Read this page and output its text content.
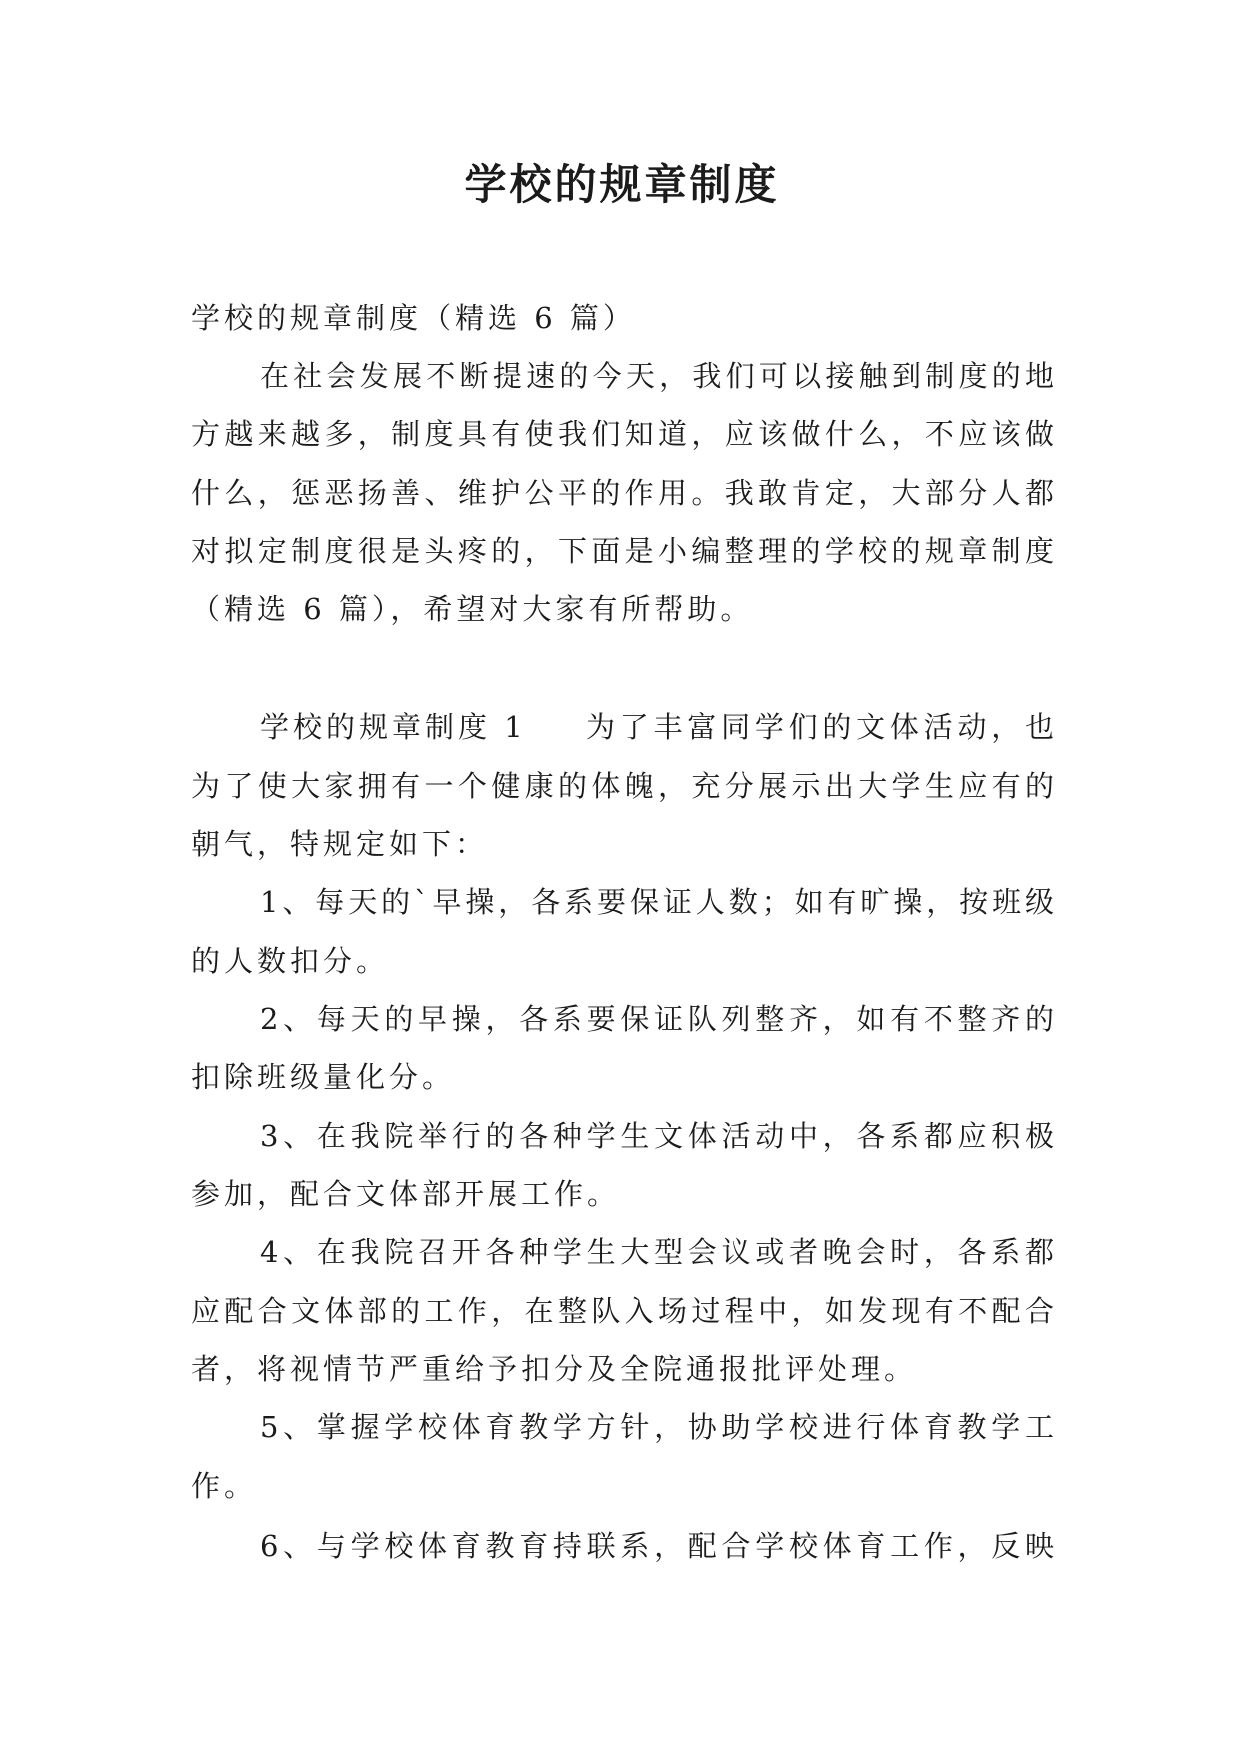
学校的规章制度
学校的规章制度（精选 6 篇）
在社会发展不断提速的今天，我们可以接触到制度的地
方越来越多，制度具有使我们知道，应该做什么，不应该做
什么，惩恶扬善、维护公平的作用。我敢肯定，大部分人都
对拟定制度很是头疼的，下面是小编整理的学校的规章制度
（精选 6 篇），希望对大家有所帮助。
学校的规章制度 1 为了丰富同学们的文体活动，也
为了使大家拥有一个健康的体魄，充分展示出大学生应有的
朝气，特规定如下：
1、每天的`早操，各系要保证人数；如有旷操，按班级
的人数扣分。
2、每天的早操，各系要保证队列整齐，如有不整齐的
扣除班级量化分。
3、在我院举行的各种学生文体活动中，各系都应积极
参加，配合文体部开展工作。
4、在我院召开各种学生大型会议或者晚会时，各系都
应配合文体部的工作，在整队入场过程中，如发现有不配合
者，将视情节严重给予扣分及全院通报批评处理。
5、掌握学校体育教学方针，协助学校进行体育教学工
作。
6、与学校体育教育持联系，配合学校体育工作，反映
